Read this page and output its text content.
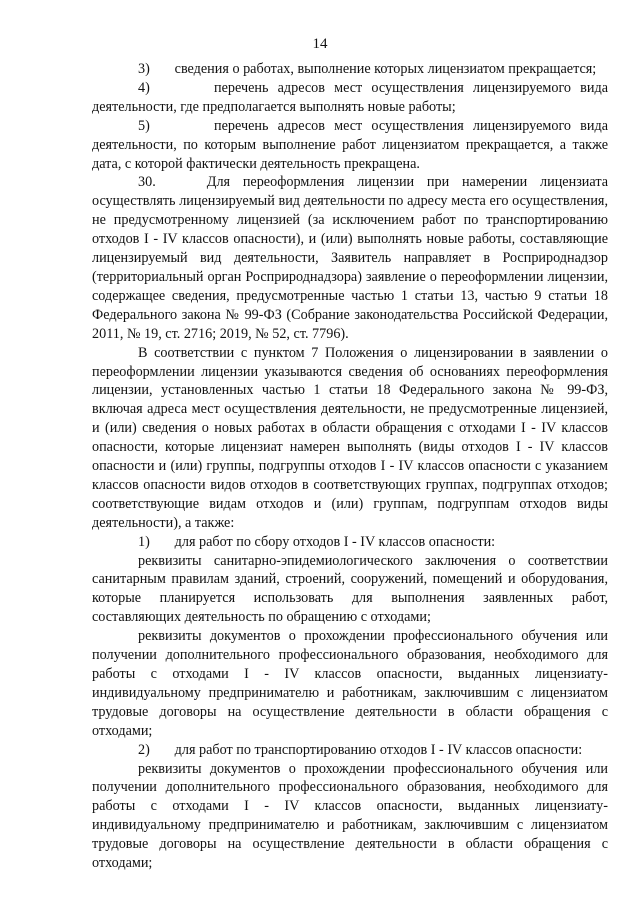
14

3)       сведения о работах, выполнение которых лицензиатом прекращается;

4)       перечень адресов мест осуществления лицензируемого вида деятельности, где предполагается выполнять новые работы;

5)       перечень адресов мест осуществления лицензируемого вида деятельности, по которым выполнение работ лицензиатом прекращается, а также дата, с которой фактически деятельность прекращена.

30.    Для переоформления лицензии при намерении лицензиата осуществлять лицензируемый вид деятельности по адресу места его осуществления, не предусмотренному лицензией (за исключением работ по транспортированию отходов I - IV классов опасности), и (или) выполнять новые работы, составляющие лицензируемый вид деятельности, Заявитель направляет в Росприроднадзор (территориальный орган Росприроднадзора) заявление о переоформлении лицензии, содержащее сведения, предусмотренные частью 1 статьи 13, частью 9 статьи 18 Федерального закона № 99-ФЗ (Собрание законодательства Российской Федерации, 2011, № 19, ст. 2716; 2019, № 52, ст. 7796).

В соответствии с пунктом 7 Положения о лицензировании в заявлении о переоформлении лицензии указываются сведения об основаниях переоформления лицензии, установленных частью 1 статьи 18 Федерального закона № 99-ФЗ, включая адреса мест осуществления деятельности, не предусмотренные лицензией, и (или) сведения о новых работах в области обращения с отходами I - IV классов опасности, которые лицензиат намерен выполнять (виды отходов I - IV классов опасности и (или) группы, подгруппы отходов I - IV классов опасности с указанием классов опасности видов отходов в соответствующих группах, подгруппах отходов; соответствующие видам отходов и (или) группам, подгруппам отходов виды деятельности), а также:

1)       для работ по сбору отходов I - IV классов опасности:

реквизиты санитарно-эпидемиологического заключения о соответствии санитарным правилам зданий, строений, сооружений, помещений и оборудования, которые планируется использовать для выполнения заявленных работ, составляющих деятельность по обращению с отходами;

реквизиты документов о прохождении профессионального обучения или получении дополнительного профессионального образования, необходимого для работы с отходами I - IV классов опасности, выданных лицензиату-индивидуальному предпринимателю и работникам, заключившим с лицензиатом трудовые договоры на осуществление деятельности в области обращения с отходами;

2)       для работ по транспортированию отходов I - IV классов опасности:

реквизиты документов о прохождении профессионального обучения или получении дополнительного профессионального образования, необходимого для работы с отходами I - IV классов опасности, выданных лицензиату-индивидуальному предпринимателю и работникам, заключившим с лицензиатом трудовые договоры на осуществление деятельности в области обращения с отходами;
